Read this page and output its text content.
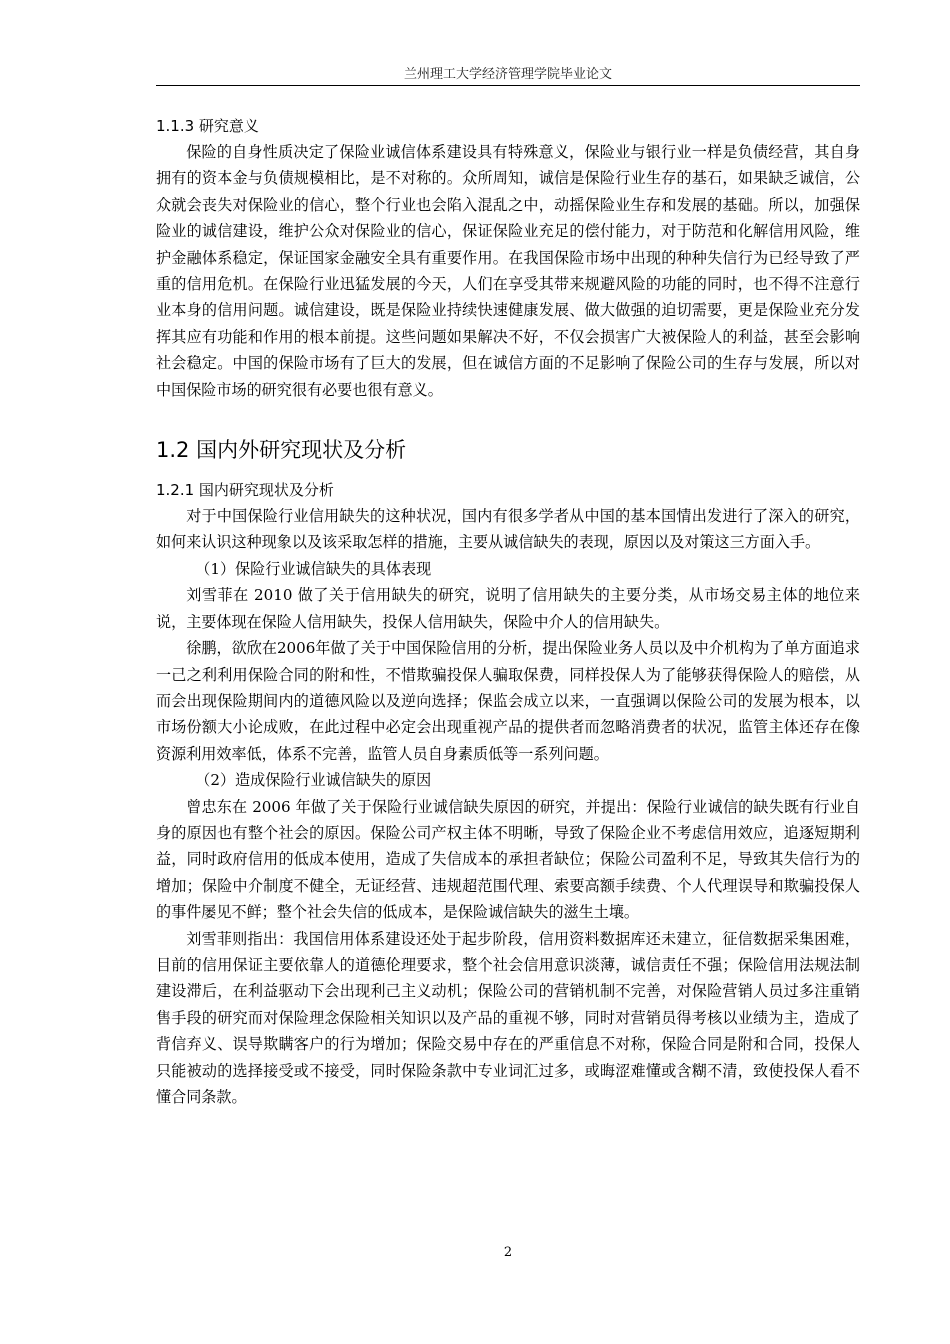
兰州理工大学经济管理学院毕业论文
1.1.3 研究意义

保险的自身性质决定了保险业诚信体系建设具有特殊意义，保险业与银行业一样是负债经营，其自身拥有的资本金与负债规模相比，是不对称的。众所周知，诚信是保险行业生存的基石，如果缺乏诚信，公众就会丧失对保险业的信心，整个行业也会陷入混乱之中，动摇保险业生存和发展的基础。所以，加强保险业的诚信建设，维护公众对保险业的信心，保证保险业充足的偿付能力，对于防范和化解信用风险，维护金融体系稳定，保证国家金融安全具有重要作用。在我国保险市场中出现的种种失信行为已经导致了严重的信用危机。在保险行业迅猛发展的今天，人们在享受其带来规避风险的功能的同时，也不得不注意行业本身的信用问题。诚信建设，既是保险业持续快速健康发展、做大做强的迫切需要，更是保险业充分发挥其应有功能和作用的根本前提。这些问题如果解决不好，不仅会损害广大被保险人的利益，甚至会影响社会稳定。中国的保险市场有了巨大的发展，但在诚信方面的不足影响了保险公司的生存与发展，所以对中国保险市场的研究很有必要也很有意义。

1.2 国内外研究现状及分析
1.2.1 国内研究现状及分析

对于中国保险行业信用缺失的这种状况，国内有很多学者从中国的基本国情出发进行了深入的研究，如何来认识这种现象以及该采取怎样的措施，主要从诚信缺失的表现，原因以及对策这三方面入手。

（1）保险行业诚信缺失的具体表现

刘雪菲在 2010 做了关于信用缺失的研究，说明了信用缺失的主要分类，从市场交易主体的地位来说，主要体现在保险人信用缺失，投保人信用缺失，保险中介人的信用缺失。

徐鹏，欲欣在2006年做了关于中国保险信用的分析，提出保险业务人员以及中介机构为了单方面追求一己之利利用保险合同的附和性，不惜欺骗投保人骗取保费，同样投保人为了能够获得保险人的赔偿，从而会出现保险期间内的道德风险以及逆向选择；保监会成立以来，一直强调以保险公司的发展为根本，以市场份额大小论成败，在此过程中必定会出现重视产品的提供者而忽略消费者的状况，监管主体还存在像资源利用效率低，体系不完善，监管人员自身素质低等一系列问题。

（2）造成保险行业诚信缺失的原因

曾忠东在 2006 年做了关于保险行业诚信缺失原因的研究，并提出：保险行业诚信的缺失既有行业自身的原因也有整个社会的原因。保险公司产权主体不明晰，导致了保险企业不考虑信用效应，追逐短期利益，同时政府信用的低成本使用，造成了失信成本的承担者缺位；保险公司盈利不足，导致其失信行为的增加；保险中介制度不健全，无证经营、违规超范围代理、索要高额手续费、个人代理误导和欺骗投保人的事件屡见不鲜；整个社会失信的低成本，是保险诚信缺失的滋生土壤。

刘雪菲则指出：我国信用体系建设还处于起步阶段，信用资料数据库还未建立，征信数据采集困难，目前的信用保证主要依靠人的道德伦理要求，整个社会信用意识淡薄，诚信责任不强；保险信用法规法制建设滞后，在利益驱动下会出现利己主义动机；保险公司的营销机制不完善，对保险营销人员过多注重销售手段的研究而对保险理念保险相关知识以及产品的重视不够，同时对营销员得考核以业绩为主，造成了背信弃义、误导欺瞒客户的行为增加；保险交易中存在的严重信息不对称，保险合同是附和合同，投保人只能被动的选择接受或不接受，同时保险条款中专业词汇过多，或晦涩难懂或含糊不清，致使投保人看不懂合同条款。

2
